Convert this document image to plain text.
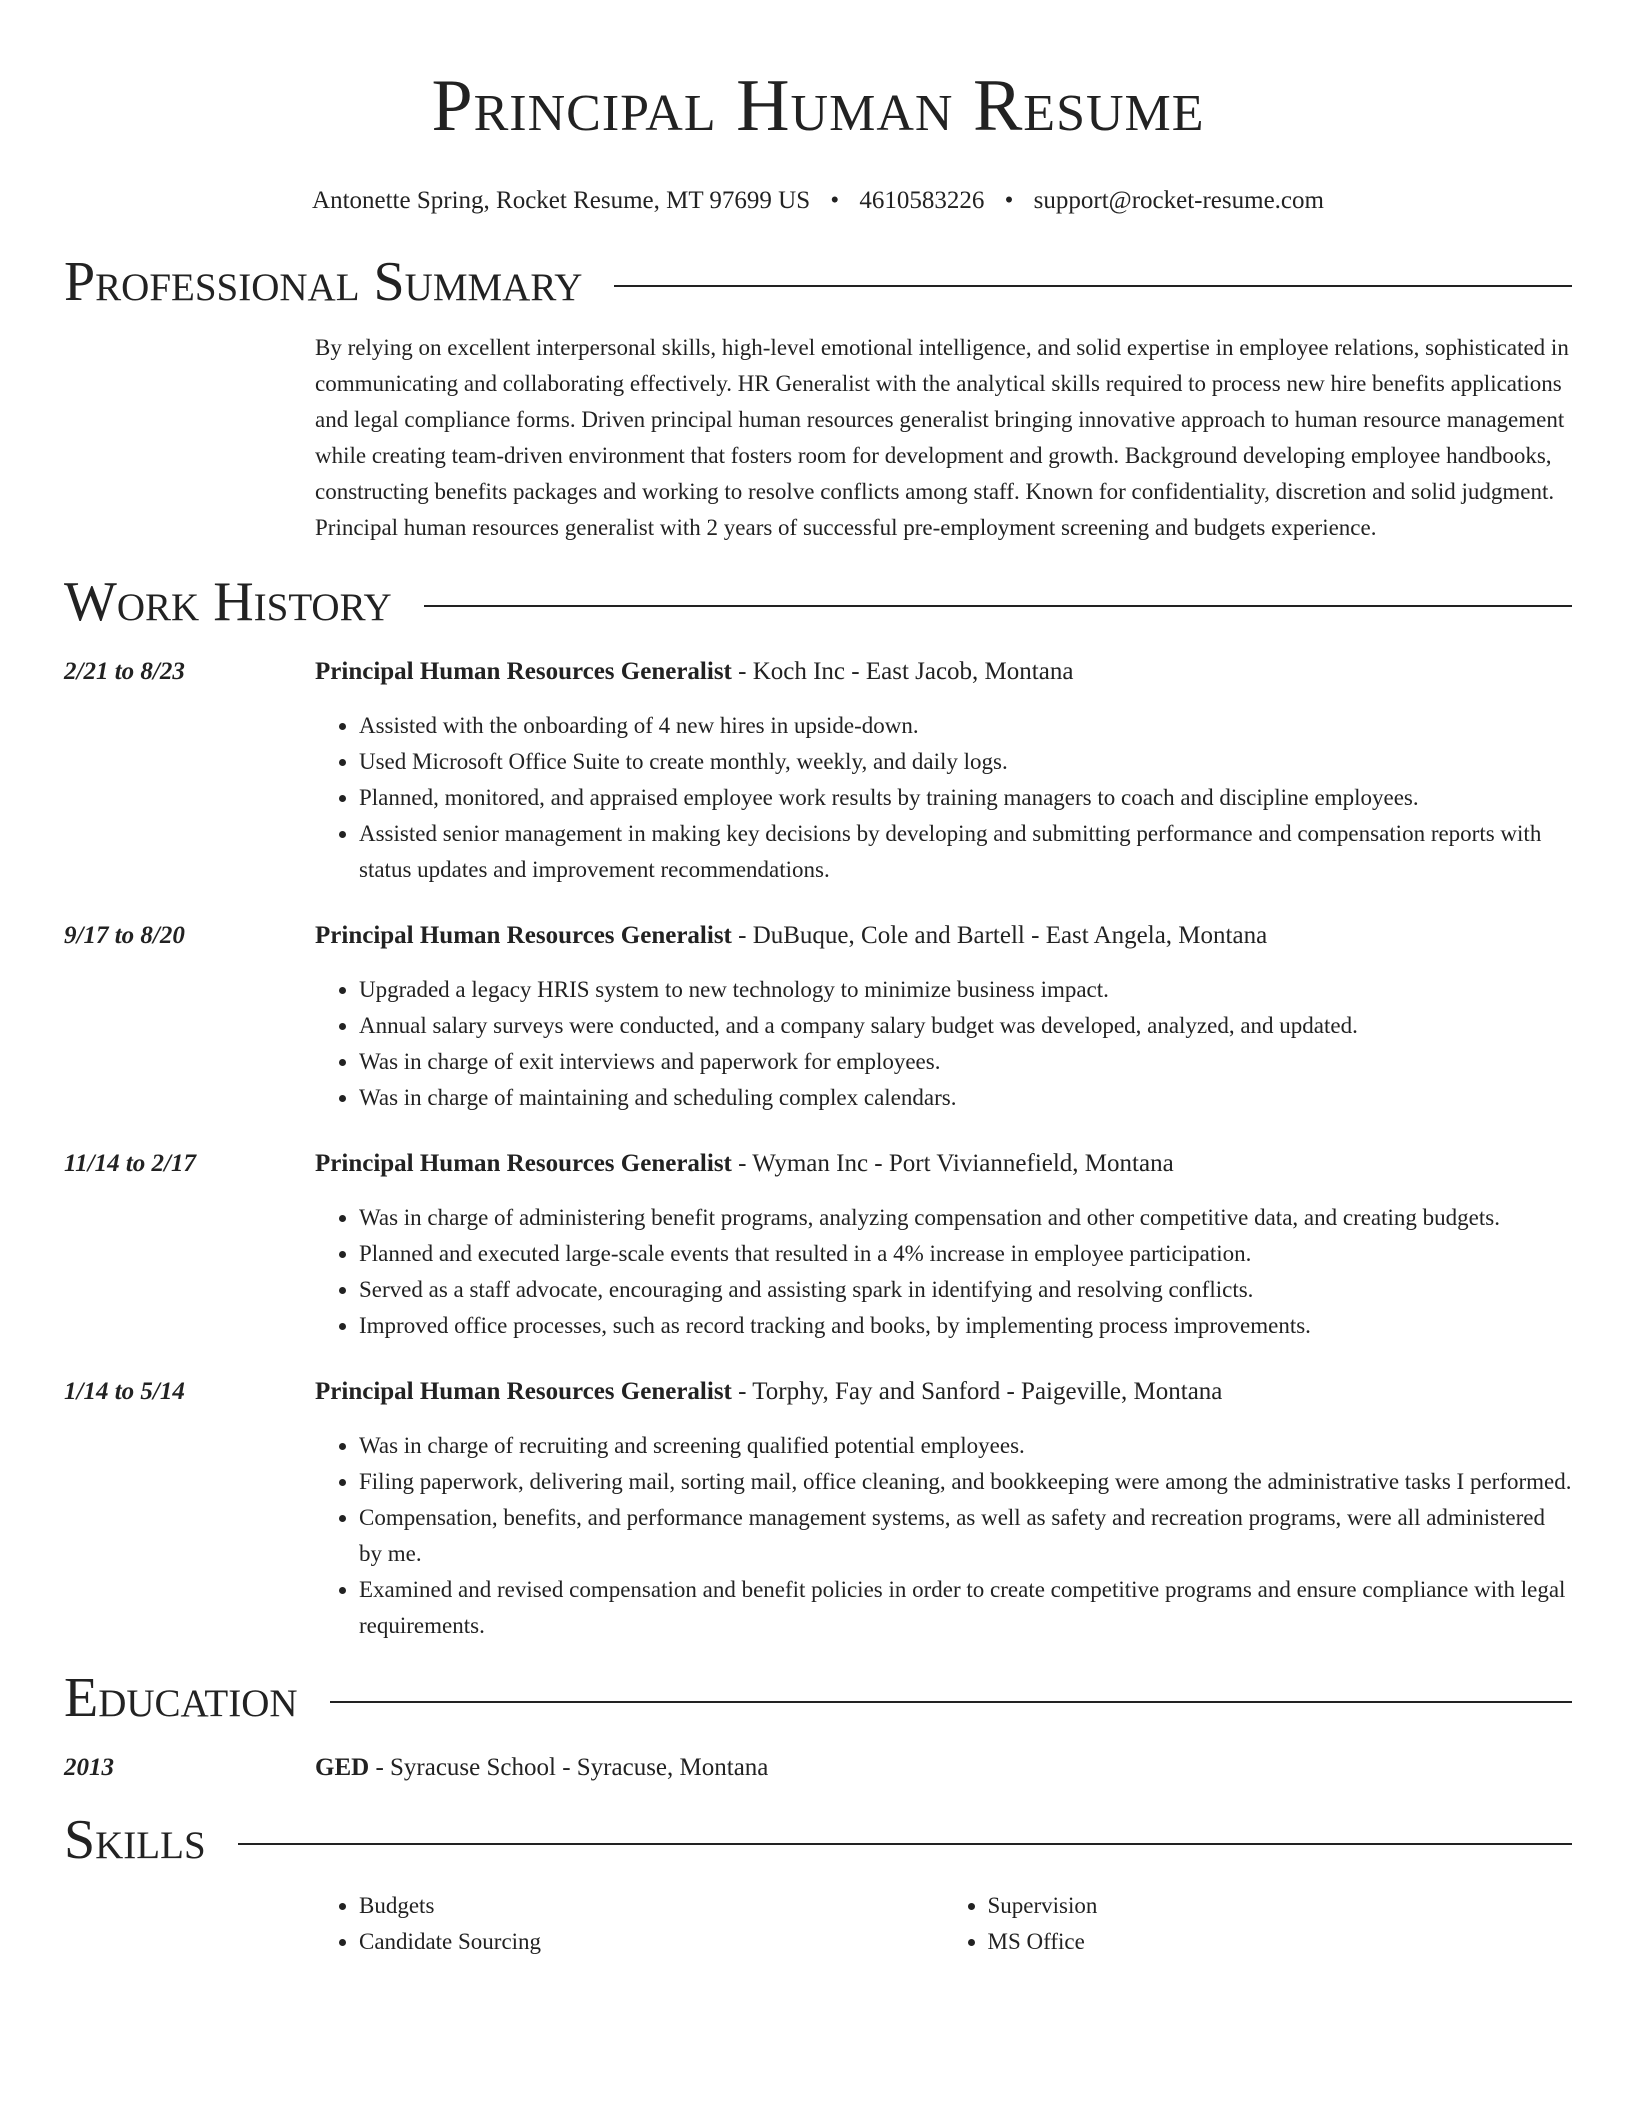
Principal Human Resume
Antonette Spring, Rocket Resume, MT 97699 US • 4610583226 • support@rocket-resume.com
Professional Summary
By relying on excellent interpersonal skills, high-level emotional intelligence, and solid expertise in employee relations, sophisticated in communicating and collaborating effectively. HR Generalist with the analytical skills required to process new hire benefits applications and legal compliance forms. Driven principal human resources generalist bringing innovative approach to human resource management while creating team-driven environment that fosters room for development and growth. Background developing employee handbooks, constructing benefits packages and working to resolve conflicts among staff. Known for confidentiality, discretion and solid judgment. Principal human resources generalist with 2 years of successful pre-employment screening and budgets experience.
Work History
2/21 to 8/23	Principal Human Resources Generalist - Koch Inc - East Jacob, Montana
• Assisted with the onboarding of 4 new hires in upside-down.
• Used Microsoft Office Suite to create monthly, weekly, and daily logs.
• Planned, monitored, and appraised employee work results by training managers to coach and discipline employees.
• Assisted senior management in making key decisions by developing and submitting performance and compensation reports with status updates and improvement recommendations.
9/17 to 8/20	Principal Human Resources Generalist - DuBuque, Cole and Bartell - East Angela, Montana
• Upgraded a legacy HRIS system to new technology to minimize business impact.
• Annual salary surveys were conducted, and a company salary budget was developed, analyzed, and updated.
• Was in charge of exit interviews and paperwork for employees.
• Was in charge of maintaining and scheduling complex calendars.
11/14 to 2/17	Principal Human Resources Generalist - Wyman Inc - Port Viviannefield, Montana
• Was in charge of administering benefit programs, analyzing compensation and other competitive data, and creating budgets.
• Planned and executed large-scale events that resulted in a 4% increase in employee participation.
• Served as a staff advocate, encouraging and assisting spark in identifying and resolving conflicts.
• Improved office processes, such as record tracking and books, by implementing process improvements.
1/14 to 5/14	Principal Human Resources Generalist - Torphy, Fay and Sanford - Paigeville, Montana
• Was in charge of recruiting and screening qualified potential employees.
• Filing paperwork, delivering mail, sorting mail, office cleaning, and bookkeeping were among the administrative tasks I performed.
• Compensation, benefits, and performance management systems, as well as safety and recreation programs, were all administered by me.
• Examined and revised compensation and benefit policies in order to create competitive programs and ensure compliance with legal requirements.
Education
2013	GED - Syracuse School - Syracuse, Montana
Skills
• Budgets
• Candidate Sourcing
• Supervision
• MS Office
